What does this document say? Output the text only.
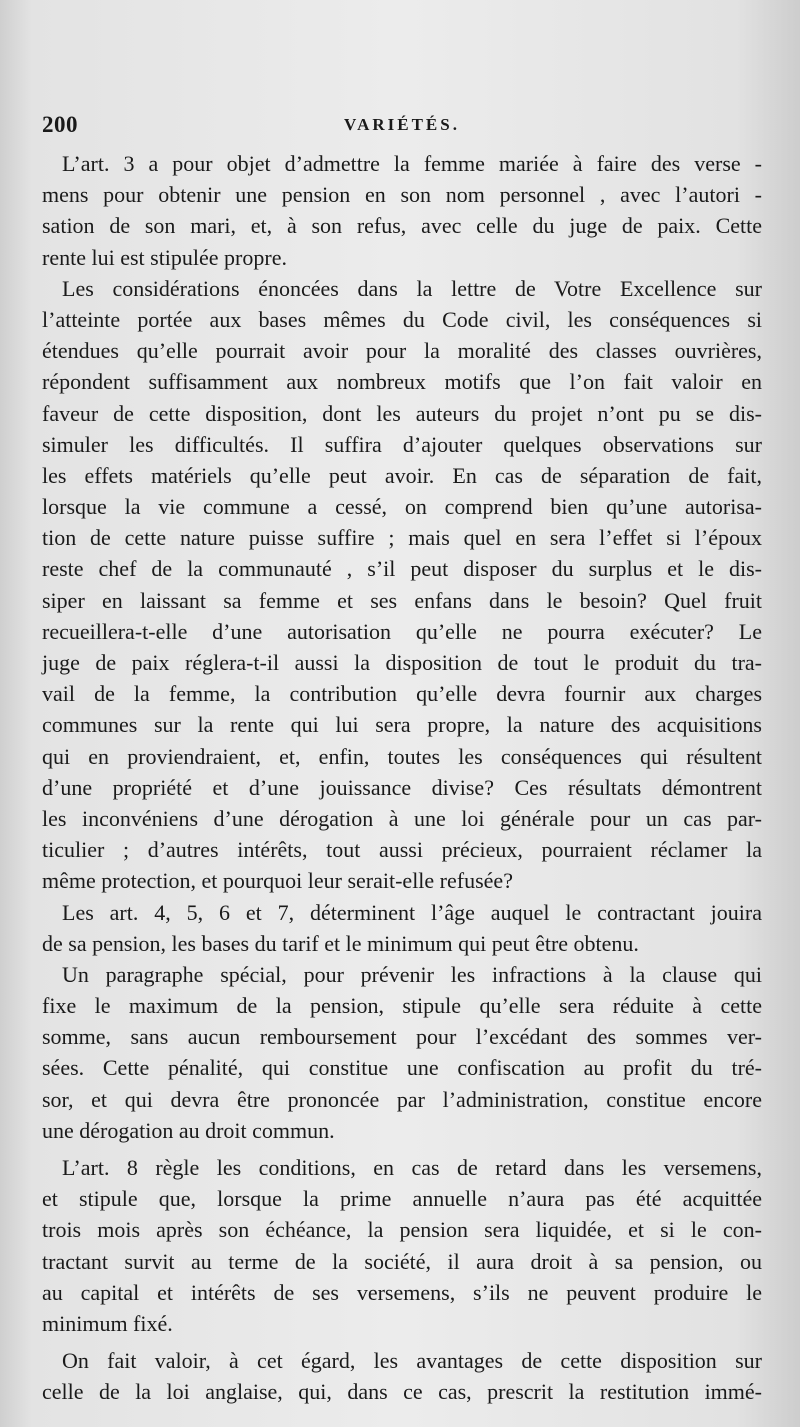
200	VARIÉTÉS.
L’art. 3 a pour objet d’admettre la femme mariée à faire des verse -
mens pour obtenir une pension en son nom personnel , avec l’autori -
sation de son mari, et, à son refus, avec celle du juge de paix. Cette
rente lui est stipulée propre.
Les considérations énoncées dans la lettre de Votre Excellence sur
l’atteinte portée aux bases mêmes du Code civil, les conséquences si
étendues qu’elle pourrait avoir pour la moralité des classes ouvrières,
répondent suffisamment aux nombreux motifs que l’on fait valoir en
faveur de cette disposition, dont les auteurs du projet n’ont pu se dis-
simuler les difficultés. Il suffira d’ajouter quelques observations sur
les effets matériels qu’elle peut avoir. En cas de séparation de fait,
lorsque la vie commune a cessé, on comprend bien qu’une autorisa-
tion de cette nature puisse suffire ; mais quel en sera l’effet si l’époux
reste chef de la communauté , s’il peut disposer du surplus et le dis-
siper en laissant sa femme et ses enfans dans le besoin? Quel fruit
recueillera-t-elle d’une autorisation qu’elle ne pourra exécuter? Le
juge de paix réglera-t-il aussi la disposition de tout le produit du tra-
vail de la femme, la contribution qu’elle devra fournir aux charges
communes sur la rente qui lui sera propre, la nature des acquisitions
qui en proviendraient, et, enfin, toutes les conséquences qui résultent
d’une propriété et d’une jouissance divise? Ces résultats démontrent
les inconvéniens d’une dérogation à une loi générale pour un cas par-
ticulier ; d’autres intérêts, tout aussi précieux, pourraient réclamer la
même protection, et pourquoi leur serait-elle refusée?
Les art. 4, 5, 6 et 7, déterminent l’âge auquel le contractant jouira
de sa pension, les bases du tarif et le minimum qui peut être obtenu.
Un paragraphe spécial, pour prévenir les infractions à la clause qui
fixe le maximum de la pension, stipule qu’elle sera réduite à cette
somme, sans aucun remboursement pour l’excédant des sommes ver-
sées. Cette pénalité, qui constitue une confiscation au profit du tré-
sor, et qui devra être prononcée par l’administration, constitue encore
une dérogation au droit commun.
L’art. 8 règle les conditions, en cas de retard dans les versemens,
et stipule que, lorsque la prime annuelle n’aura pas été acquittée
trois mois après son échéance, la pension sera liquidée, et si le con-
tractant survit au terme de la société, il aura droit à sa pension, ou
au capital et intérêts de ses versemens, s’ils ne peuvent produire le
minimum fixé.
On fait valoir, à cet égard, les avantages de cette disposition sur
celle de la loi anglaise, qui, dans ce cas, prescrit la restitution immé-
